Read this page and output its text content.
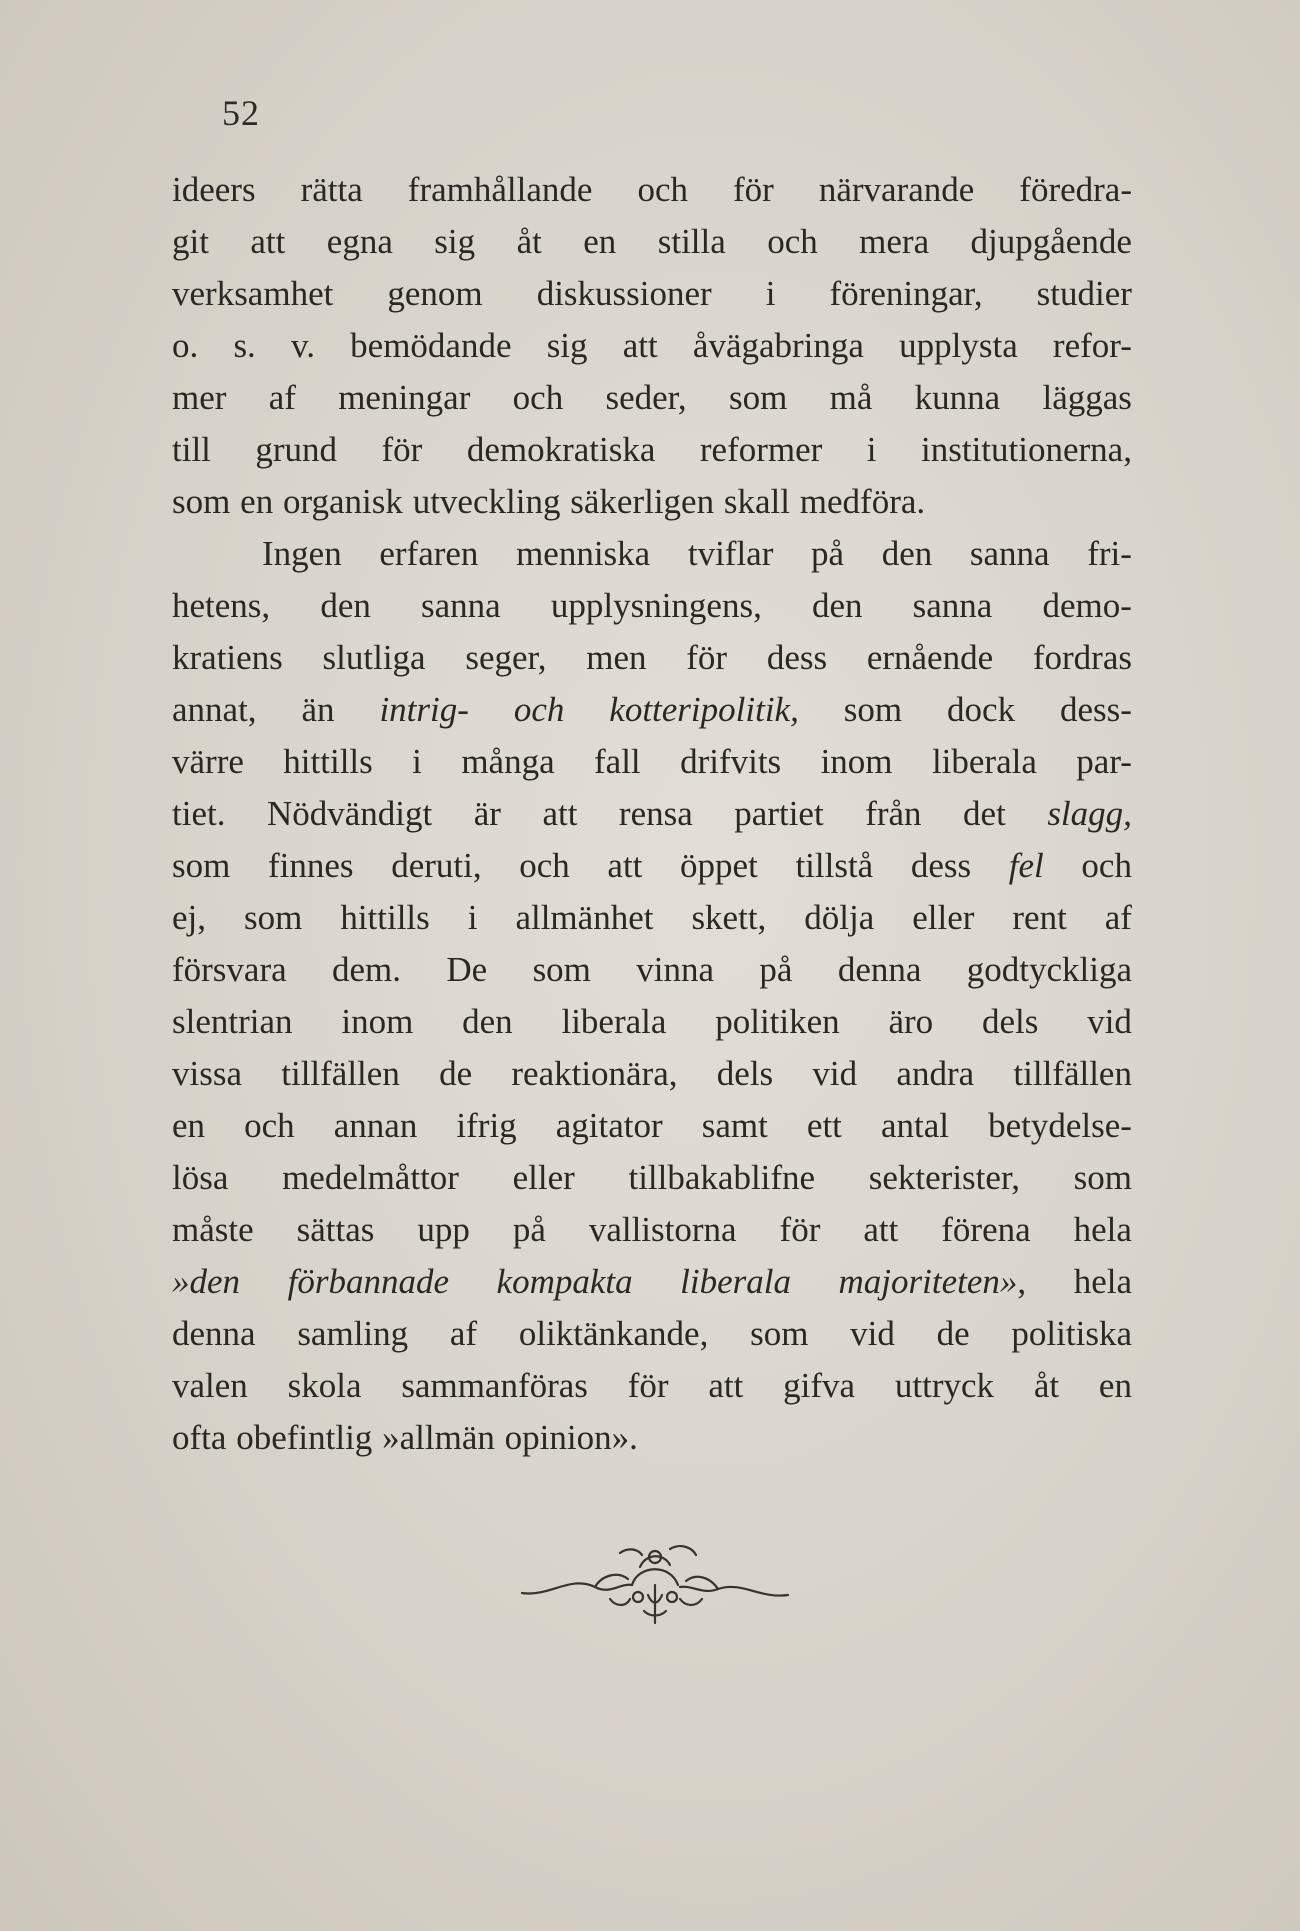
52
ideers rätta framhållande och för närvarande föredra-
git att egna sig åt en stilla och mera djupgående
verksamhet genom diskussioner i föreningar, studier
o. s. v. bemödande sig att åvägabringa upplysta refor-
mer af meningar och seder, som må kunna läggas
till grund för demokratiska reformer i institutionerna,
som en organisk utveckling säkerligen skall medföra.
Ingen erfaren menniska tviflar på den sanna fri-
hetens, den sanna upplysningens, den sanna demo-
kratiens slutliga seger, men för dess ernående fordras
annat, än intrig- och kotteripolitik, som dock dess-
värre hittills i många fall drifvits inom liberala par-
tiet. Nödvändigt är att rensa partiet från det slagg,
som finnes deruti, och att öppet tillstå dess fel och
ej, som hittills i allmänhet skett, dölja eller rent af
försvara dem. De som vinna på denna godtyckliga
slentrian inom den liberala politiken äro dels vid
vissa tillfällen de reaktionära, dels vid andra tillfällen
en och annan ifrig agitator samt ett antal betydelse-
lösa medelmåttor eller tillbakablifne sekterister, som
måste sättas upp på vallistorna för att förena hela
»den förbannade kompakta liberala majoriteten», hela
denna samling af oliktänkande, som vid de politiska
valen skola sammanföras för att gifva uttryck åt en
ofta obefintlig »allmän opinion».
